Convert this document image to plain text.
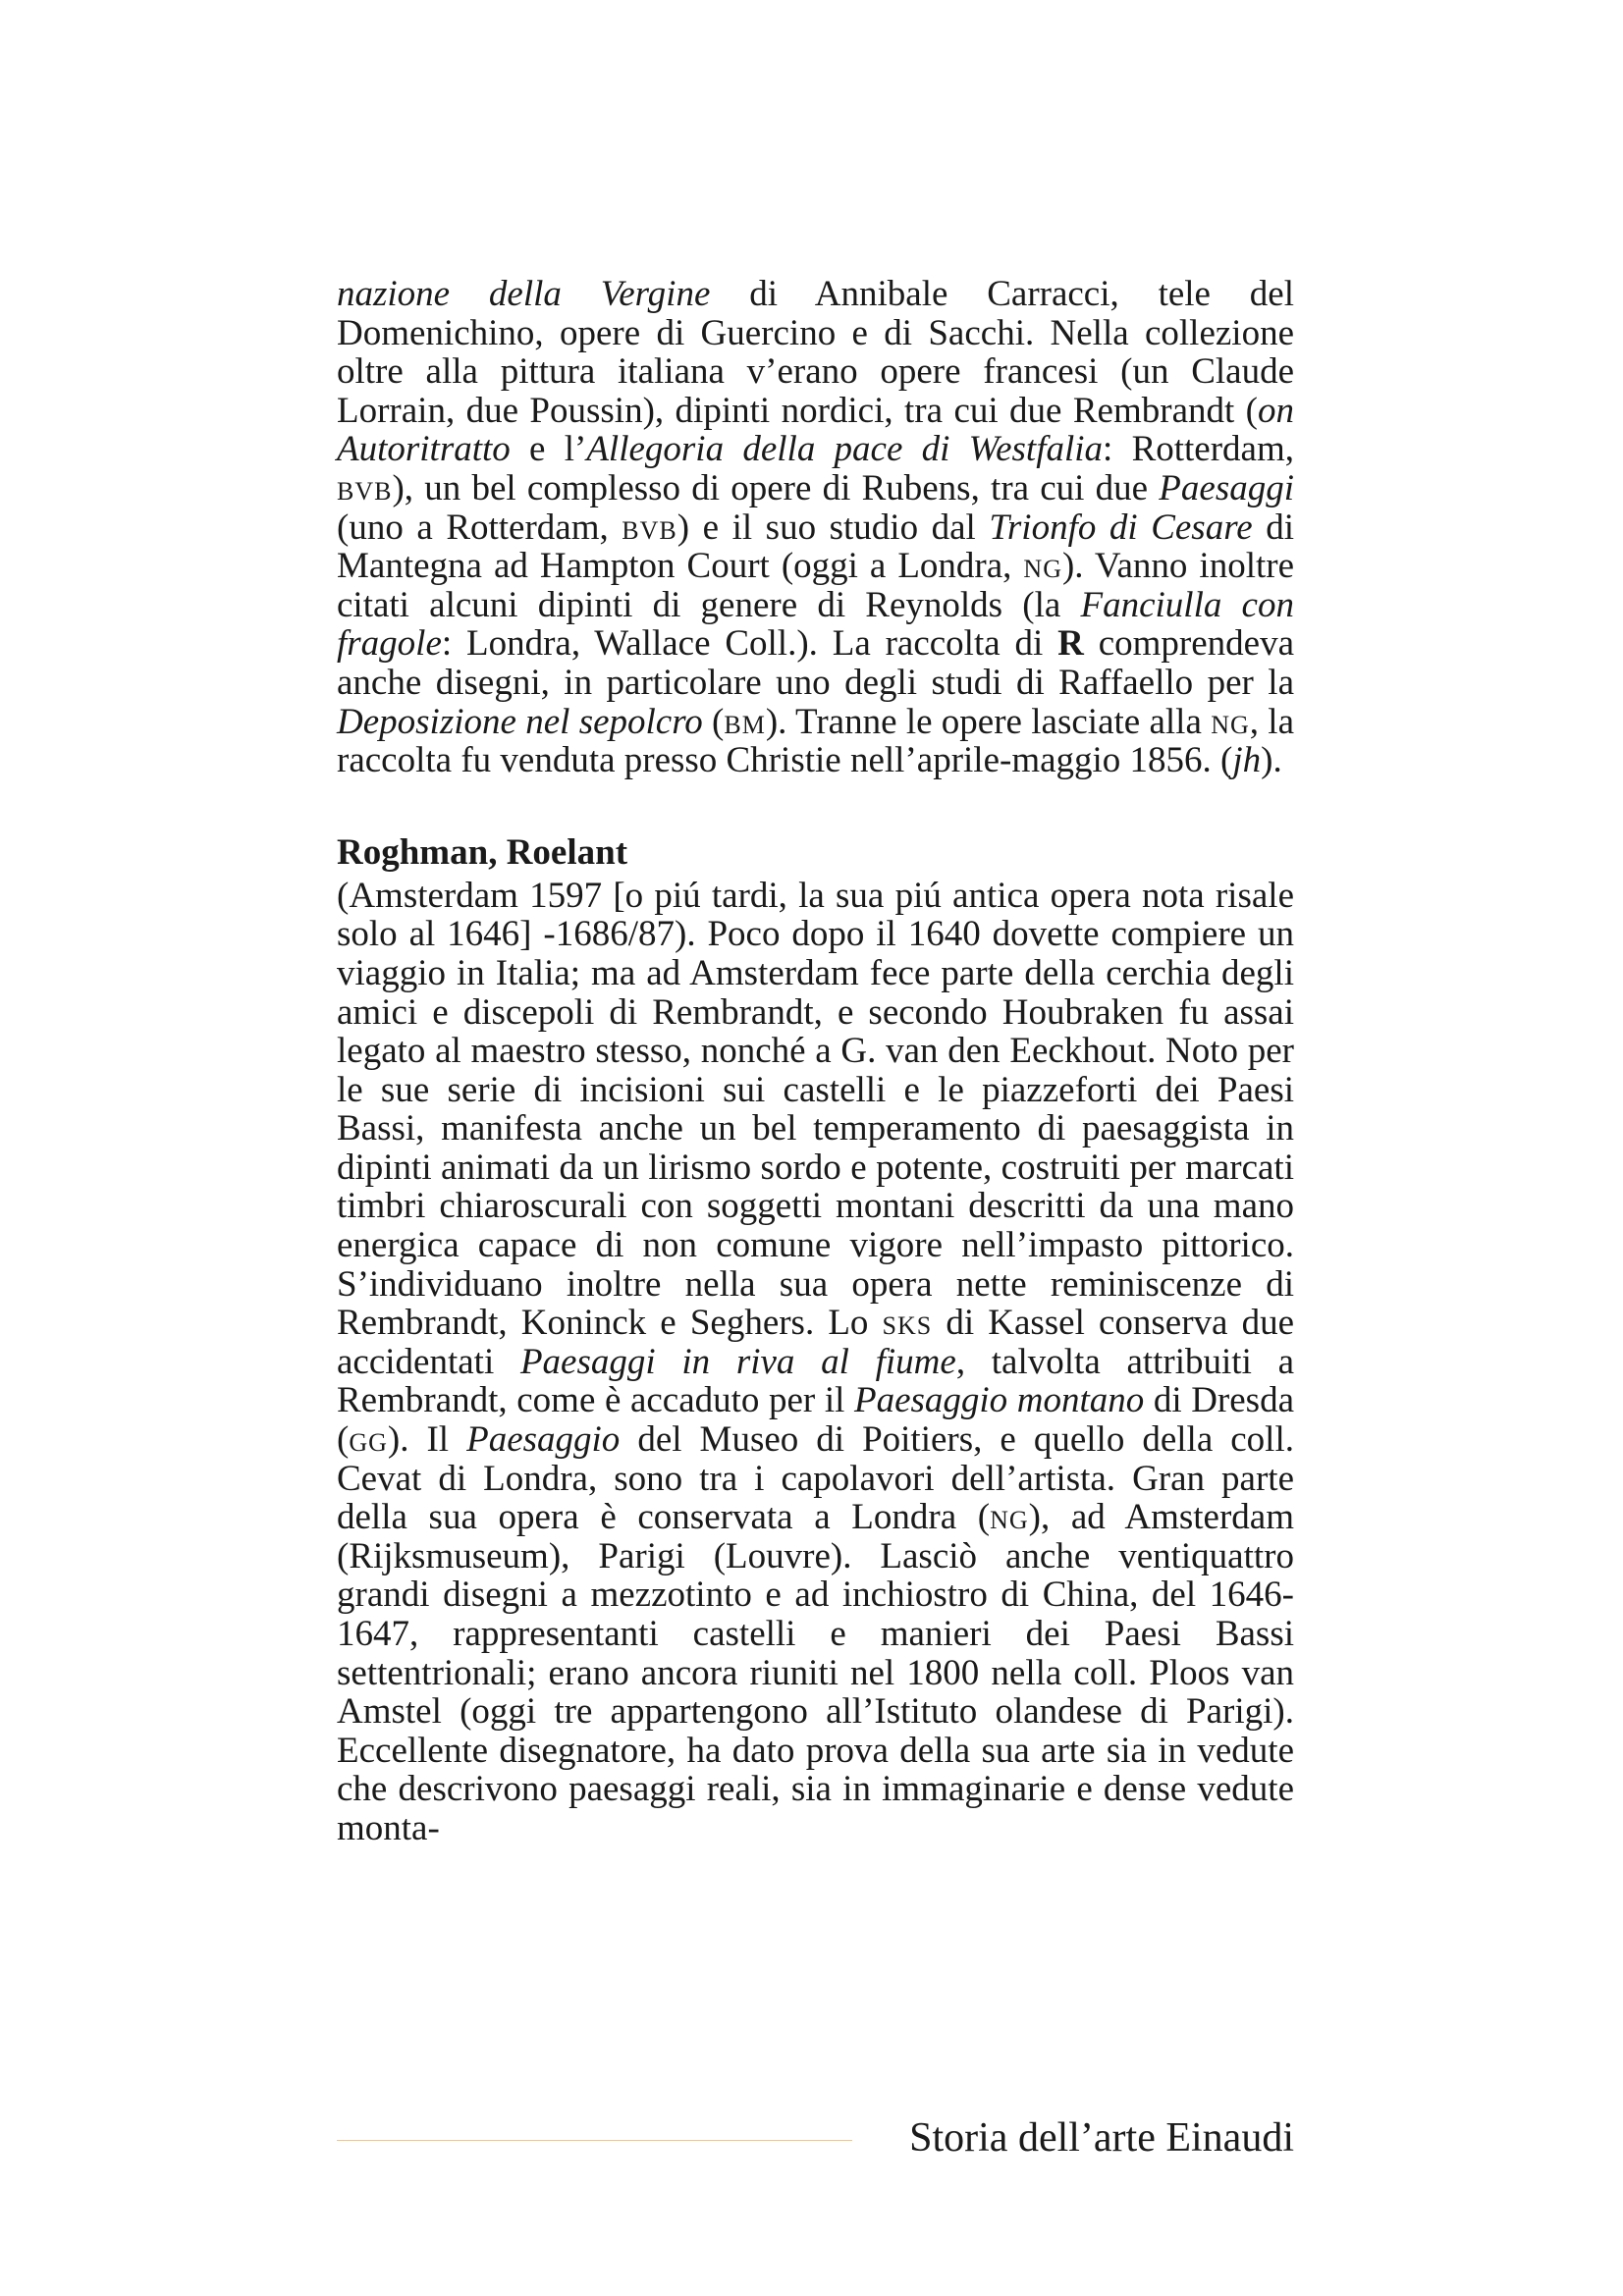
nazione della Vergine di Annibale Carracci, tele del Domenichino, opere di Guercino e di Sacchi. Nella collezione oltre alla pittura italiana v’erano opere francesi (un Claude Lorrain, due Poussin), dipinti nordici, tra cui due Rembrandt (on Autoritratto e l’Allegoria della pace di Westfalia: Rotterdam, bvb), un bel complesso di opere di Rubens, tra cui due Paesaggi (uno a Rotterdam, bvb) e il suo studio dal Trionfo di Cesare di Mantegna ad Hampton Court (oggi a Londra, ng). Vanno inoltre citati alcuni dipinti di genere di Reynolds (la Fanciulla con fragole: Londra, Wallace Coll.). La raccolta di R comprendeva anche disegni, in particolare uno degli studi di Raffaello per la Deposizione nel sepolcro (bm). Tranne le opere lasciate alla ng, la raccolta fu venduta presso Christie nell’aprile-maggio 1856. (jh).

Roghman, Roelant

(Amsterdam 1597 [o piú tardi, la sua piú antica opera nota risale solo al 1646] -1686/87). Poco dopo il 1640 dovette compiere un viaggio in Italia; ma ad Amsterdam fece parte della cerchia degli amici e discepoli di Rembrandt, e secondo Houbraken fu assai legato al maestro stesso, nonché a G. van den Eeckhout. Noto per le sue serie di incisioni sui castelli e le piazzeforti dei Paesi Bassi, manifesta anche un bel temperamento di paesaggista in dipinti animati da un lirismo sordo e potente, costruiti per marcati timbri chiaroscurali con soggetti montani descritti da una mano energica capace di non comune vigore nell’impasto pittorico. S’individuano inoltre nella sua opera nette reminiscenze di Rembrandt, Koninck e Seghers. Lo sks di Kassel conserva due accidentati Paesaggi in riva al fiume, talvolta attribuiti a Rembrandt, come è accaduto per il Paesaggio montano di Dresda (gg). Il Paesaggio del Museo di Poitiers, e quello della coll. Cevat di Londra, sono tra i capolavori dell’artista. Gran parte della sua opera è conservata a Londra (ng), ad Amsterdam (Rijksmuseum), Parigi (Louvre). Lasciò anche ventiquattro grandi disegni a mezzotinto e ad inchiostro di China, del 1646-1647, rappresentanti castelli e manieri dei Paesi Bassi settentrionali; erano ancora riuniti nel 1800 nella coll. Ploos van Amstel (oggi tre appartengono all’Istituto olandese di Parigi). Eccellente disegnatore, ha dato prova della sua arte sia in vedute che descrivono paesaggi reali, sia in immaginarie e dense vedute monta-

Storia dell’arte Einaudi
